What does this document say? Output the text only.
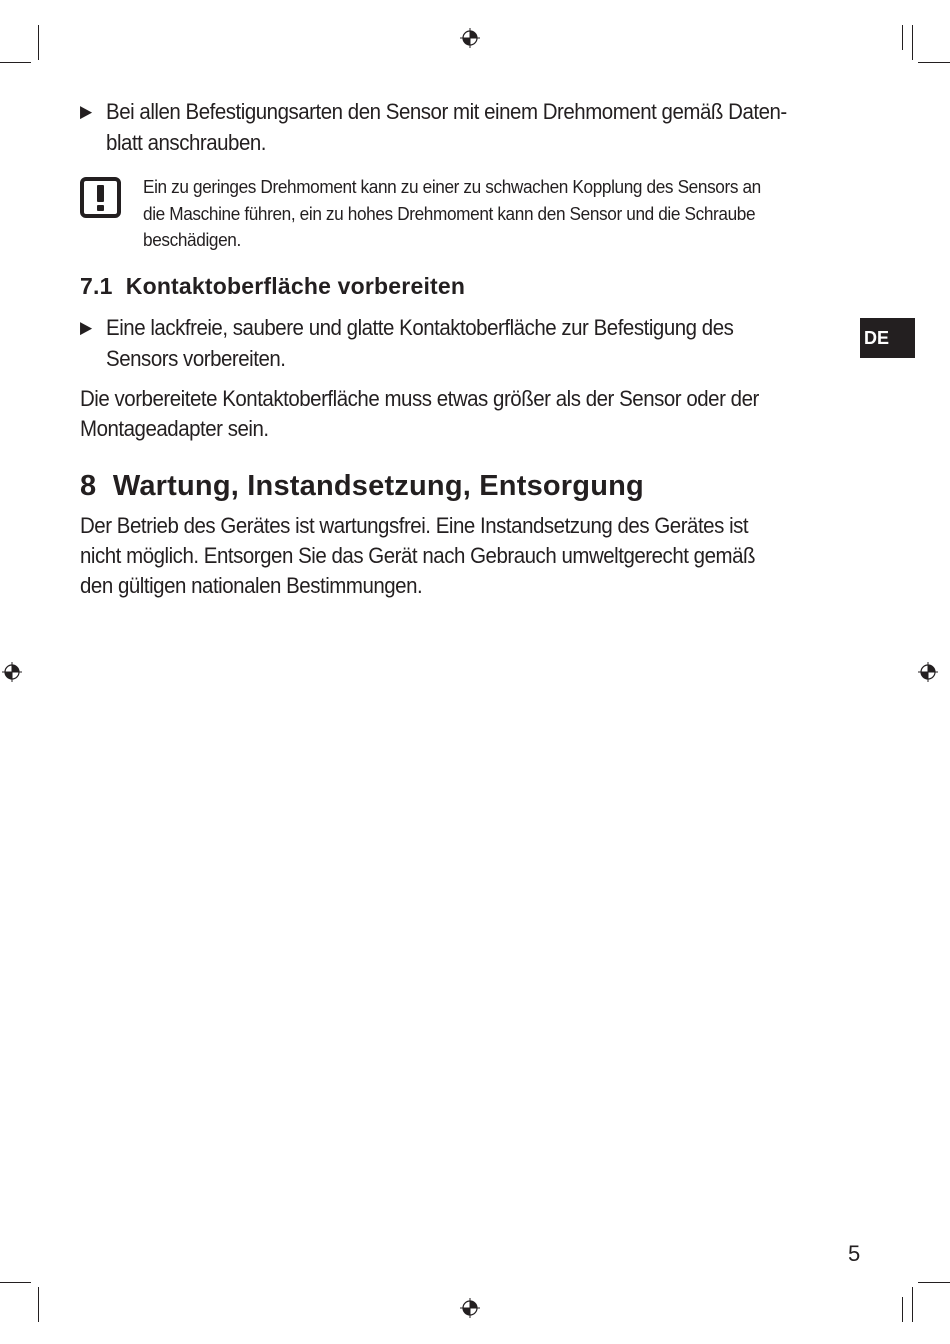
▶ Bei allen Befestigungsarten den Sensor mit einem Drehmoment gemäß Daten-
blatt anschrauben.
Ein zu geringes Drehmoment kann zu einer zu schwachen Kopplung des Sensors an
die Maschine führen, ein zu hohes Drehmoment kann den Sensor und die Schraube
beschädigen.
7.1  Kontaktoberfläche vorbereiten
▶ Eine lackfreie, saubere und glatte Kontaktoberfläche zur Befestigung des
Sensors vorbereiten.

Die vorbereitete Kontaktoberfläche muss etwas größer als der Sensor oder der
Montageadapter sein.

8  Wartung, Instandsetzung, Entsorgung

Der Betrieb des Gerätes ist wartungsfrei. Eine Instandsetzung des Gerätes ist
nicht möglich. Entsorgen Sie das Gerät nach Gebrauch umweltgerecht gemäß
den gültigen nationalen Bestimmungen.

DE
5
